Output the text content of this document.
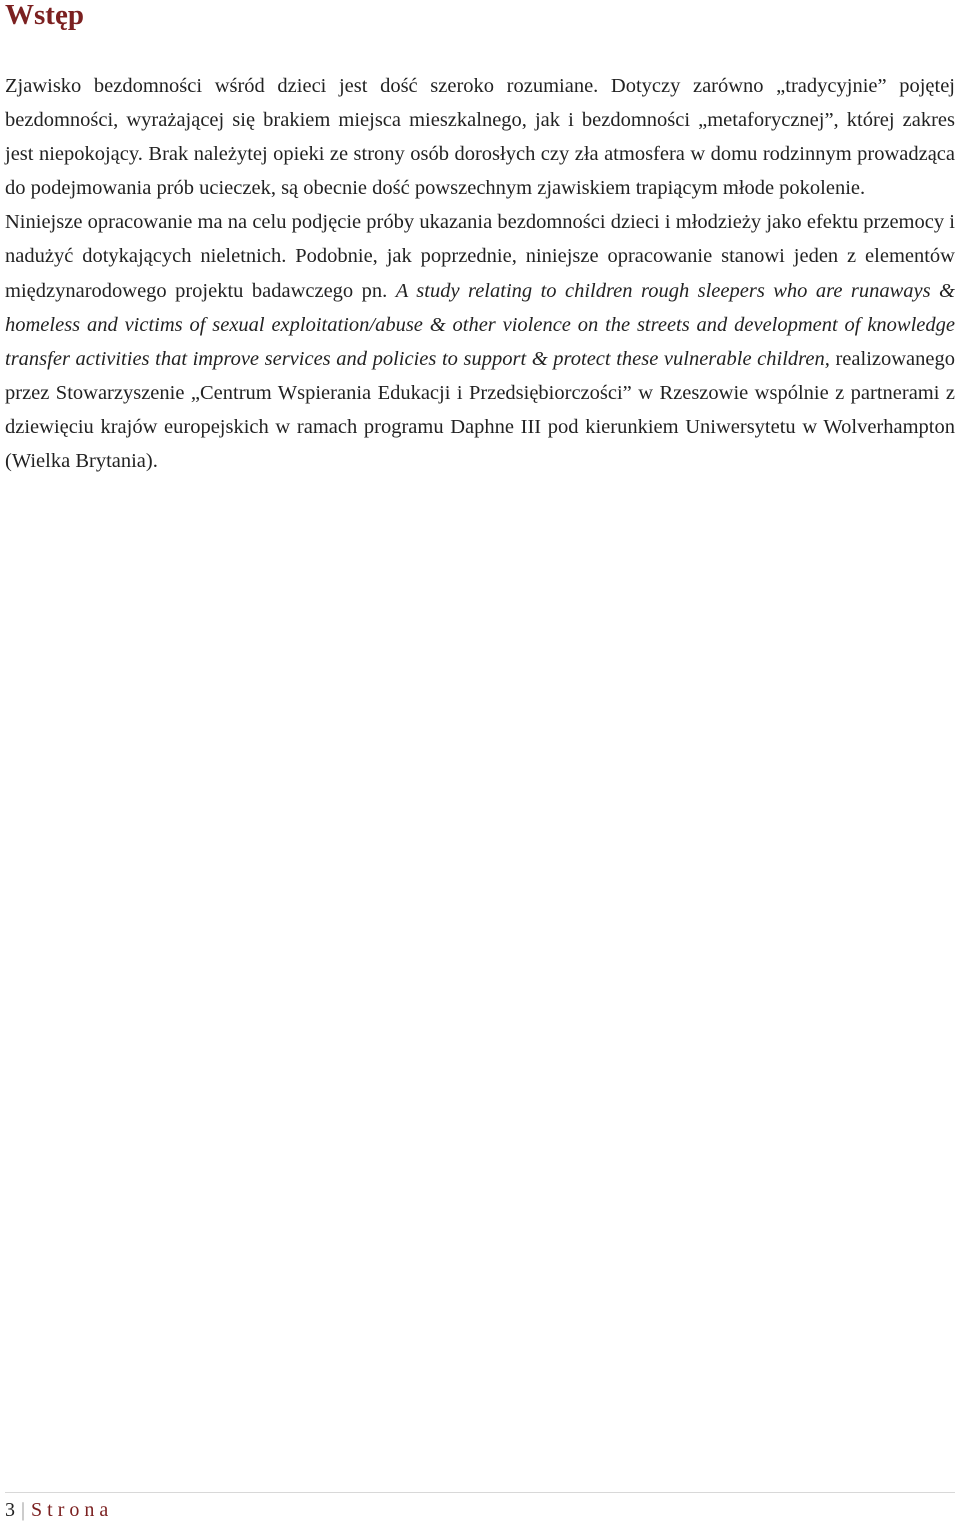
Wstęp

Zjawisko bezdomności wśród dzieci jest dość szeroko rozumiane. Dotyczy zarówno „tradycyjnie” pojętej bezdomności, wyrażającej się brakiem miejsca mieszkalnego, jak i bezdomności „metaforycznej”, której zakres jest niepokojący. Brak należytej opieki ze strony osób dorosłych czy zła atmosfera w domu rodzinnym prowadząca do podejmowania prób ucieczek, są obecnie dość powszechnym zjawiskiem trapiącym młode pokolenie.

Niniejsze opracowanie ma na celu podjęcie próby ukazania bezdomności dzieci i młodzieży jako efektu przemocy i nadużyć dotykających nieletnich. Podobnie, jak poprzednie, niniejsze opracowanie stanowi jeden z elementów międzynarodowego projektu badawczego pn. A study relating to children rough sleepers who are runaways & homeless and victims of sexual exploitation/abuse & other violence on the streets and development of knowledge transfer activities that improve services and policies to support & protect these vulnerable children, realizowanego przez Stowarzyszenie „Centrum Wspierania Edukacji i Przedsiębiorczości” w Rzeszowie wspólnie z partnerami z dziewięciu krajów europejskich w ramach programu Daphne III pod kierunkiem Uniwersytetu w Wolverhampton (Wielka Brytania).

3 | Strona
